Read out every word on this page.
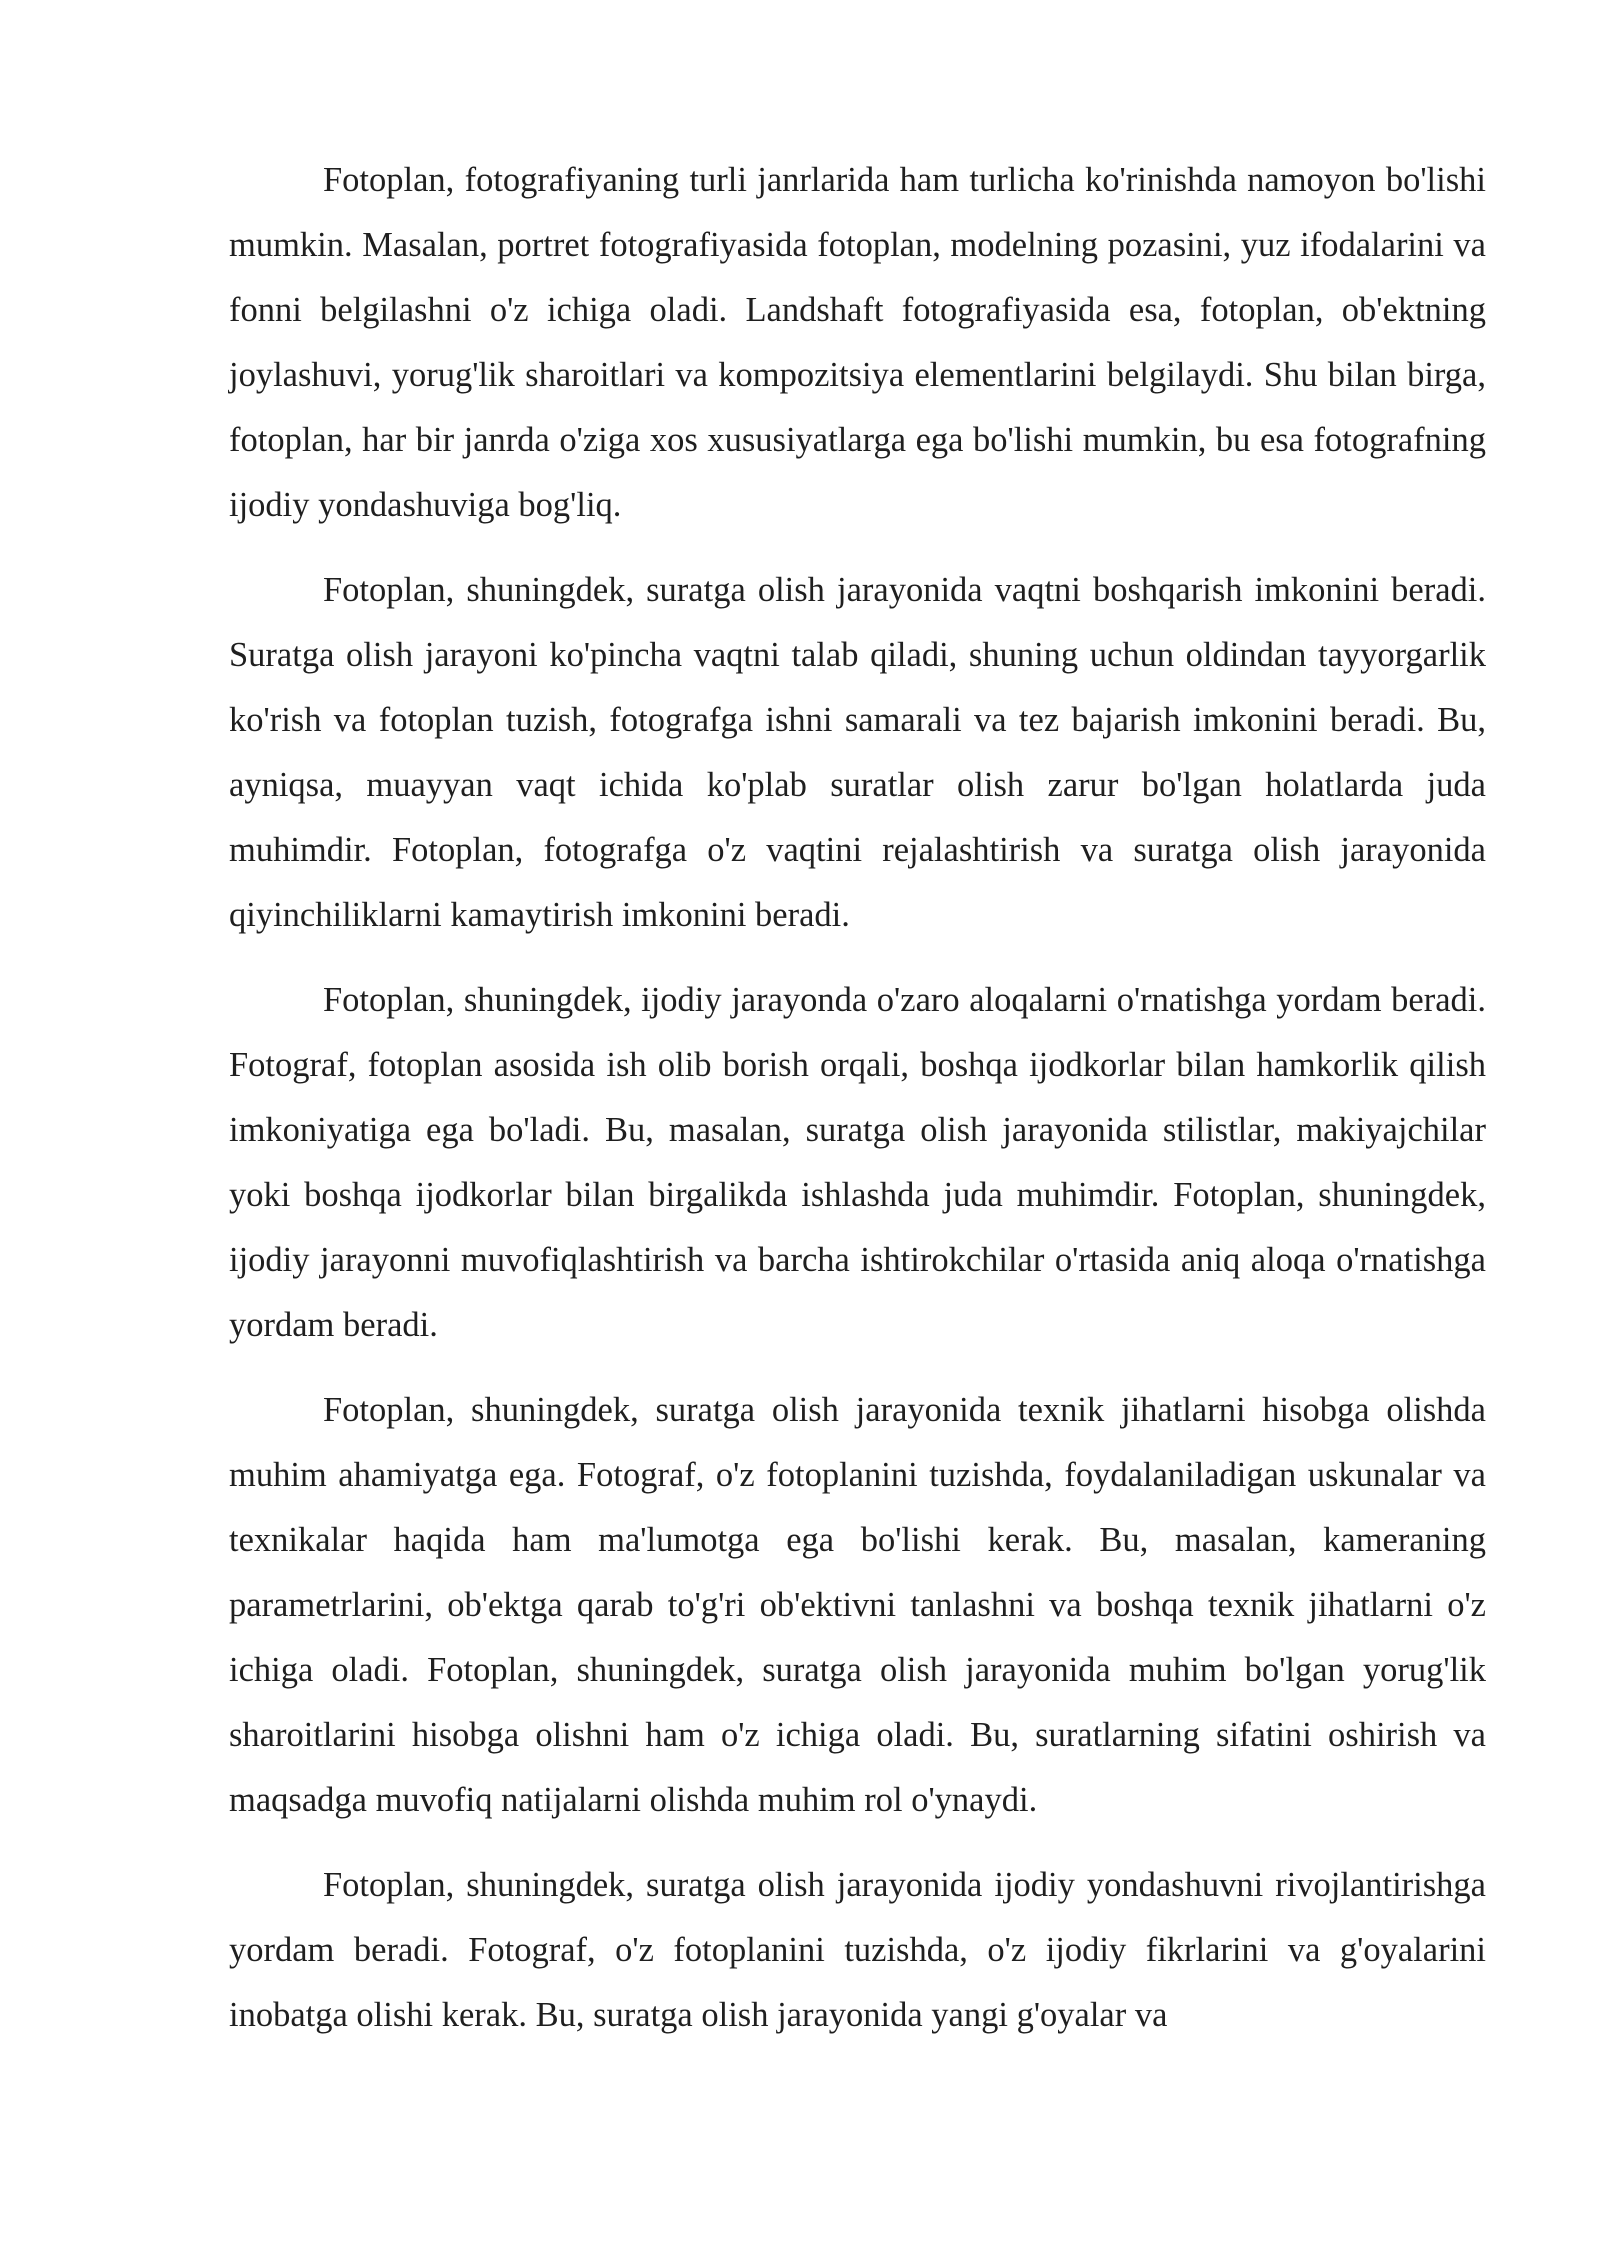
Fotoplan, fotografiyaning turli janrlarida ham turlicha ko'rinishda namoyon bo'lishi mumkin. Masalan, portret fotografiyasida fotoplan, modelning pozasini, yuz ifodalarini va fonni belgilashni o'z ichiga oladi. Landshaft fotografiyasida esa, fotoplan, ob'ektning joylashuvi, yorug'lik sharoitlari va kompozitsiya elementlarini belgilaydi. Shu bilan birga, fotoplan, har bir janrda o'ziga xos xususiyatlarga ega bo'lishi mumkin, bu esa fotografning ijodiy yondashuviga bog'liq.

Fotoplan, shuningdek, suratga olish jarayonida vaqtni boshqarish imkonini beradi. Suratga olish jarayoni ko'pincha vaqtni talab qiladi, shuning uchun oldindan tayyorgarlik ko'rish va fotoplan tuzish, fotografga ishni samarali va tez bajarish imkonini beradi. Bu, ayniqsa, muayyan vaqt ichida ko'plab suratlar olish zarur bo'lgan holatlarda juda muhimdir. Fotoplan, fotografga o'z vaqtini rejalashtirish va suratga olish jarayonida qiyinchiliklarni kamaytirish imkonini beradi.

Fotoplan, shuningdek, ijodiy jarayonda o'zaro aloqalarni o'rnatishga yordam beradi. Fotograf, fotoplan asosida ish olib borish orqali, boshqa ijodkorlar bilan hamkorlik qilish imkoniyatiga ega bo'ladi. Bu, masalan, suratga olish jarayonida stilistlar, makiyajchilar yoki boshqa ijodkorlar bilan birgalikda ishlashda juda muhimdir. Fotoplan, shuningdek, ijodiy jarayonni muvofiqlashtirish va barcha ishtirokchilar o'rtasida aniq aloqa o'rnatishga yordam beradi.

Fotoplan, shuningdek, suratga olish jarayonida texnik jihatlarni hisobga olishda muhim ahamiyatga ega. Fotograf, o'z fotoplanini tuzishda, foydalaniladigan uskunalar va texnikalar haqida ham ma'lumotga ega bo'lishi kerak. Bu, masalan, kameraning parametrlarini, ob'ektga qarab to'g'ri ob'ektivni tanlashni va boshqa texnik jihatlarni o'z ichiga oladi. Fotoplan, shuningdek, suratga olish jarayonida muhim bo'lgan yorug'lik sharoitlarini hisobga olishni ham o'z ichiga oladi. Bu, suratlarning sifatini oshirish va maqsadga muvofiq natijalarni olishda muhim rol o'ynaydi.

Fotoplan, shuningdek, suratga olish jarayonida ijodiy yondashuvni rivojlantirishga yordam beradi. Fotograf, o'z fotoplanini tuzishda, o'z ijodiy fikrlarini va g'oyalarini inobatga olishi kerak. Bu, suratga olish jarayonida yangi g'oyalar va
